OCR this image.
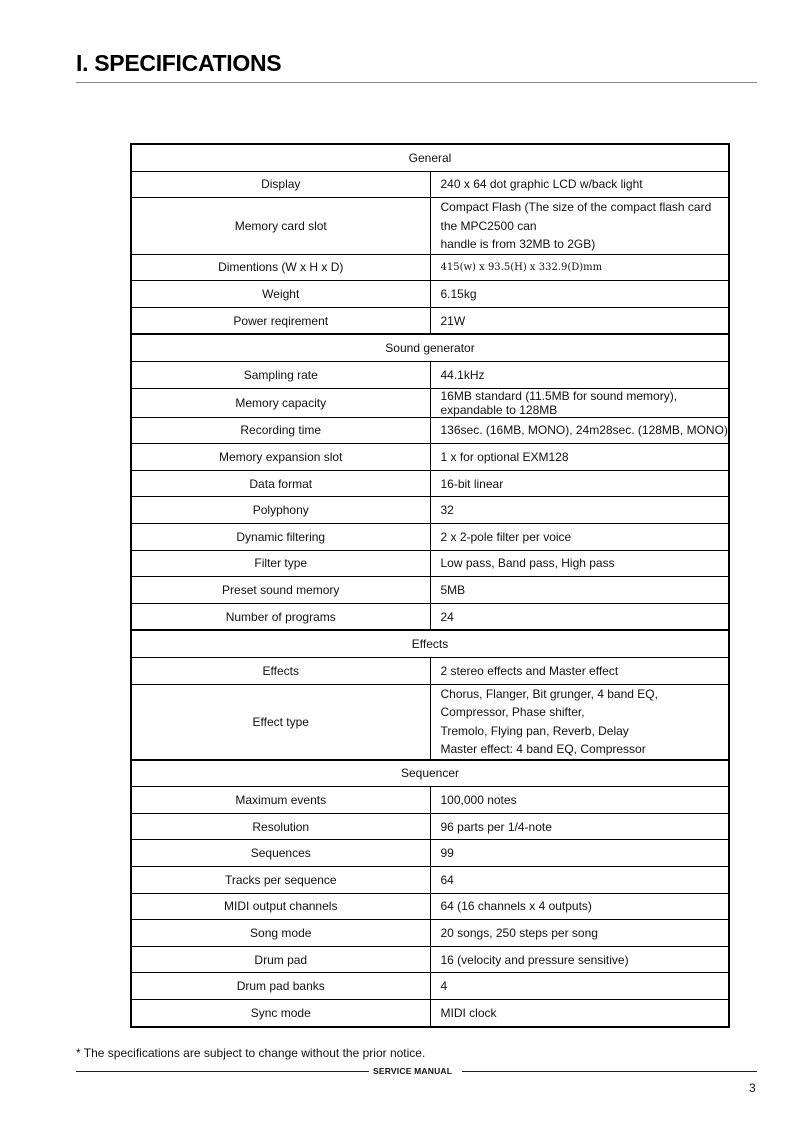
I. SPECIFICATIONS
General	
Display	240 x 64 dot graphic LCD w/back light
Memory card slot	Compact Flash (The size of the compact flash card the MPC2500 can
handle is from 32MB to 2GB)

Dimentions (W x H x D)	415(w) x 93.5(H) x 332.9(D)mm
Weight	6.15kg
Power reqirement	21W
Sound generator	
Sampling rate	44.1kHz
Memory capacity	16MB standard (11.5MB for sound memory), expandable to 128MB
Recording time	136sec. (16MB, MONO), 24m28sec. (128MB, MONO)
Memory expansion slot	1 x for optional EXM128
Data format	16-bit linear
Polyphony	32
Dynamic filtering	2 x 2-pole filter per voice
Filter type	Low pass, Band pass, High pass
Preset sound memory	5MB
Number of programs	24
Effects	
Effects	2 stereo effects and Master effect
Effect type	Chorus, Flanger, Bit grunger, 4 band EQ, Compressor, Phase shifter,
Tremolo, Flying pan, Reverb, Delay
Master effect: 4 band EQ, Compressor

Sequencer	
Maximum events	100,000 notes
Resolution	96 parts per 1/4-note
Sequences	99
Tracks per sequence	64
MIDI output channels	64 (16 channels x 4 outputs)
Song mode	20 songs, 250 steps per song
Drum pad	16 (velocity and pressure sensitive)
Drum pad banks	4
Sync mode	MIDI clock
* The specifications are subject to change without the prior notice.
SERVICE MANUAL
3
